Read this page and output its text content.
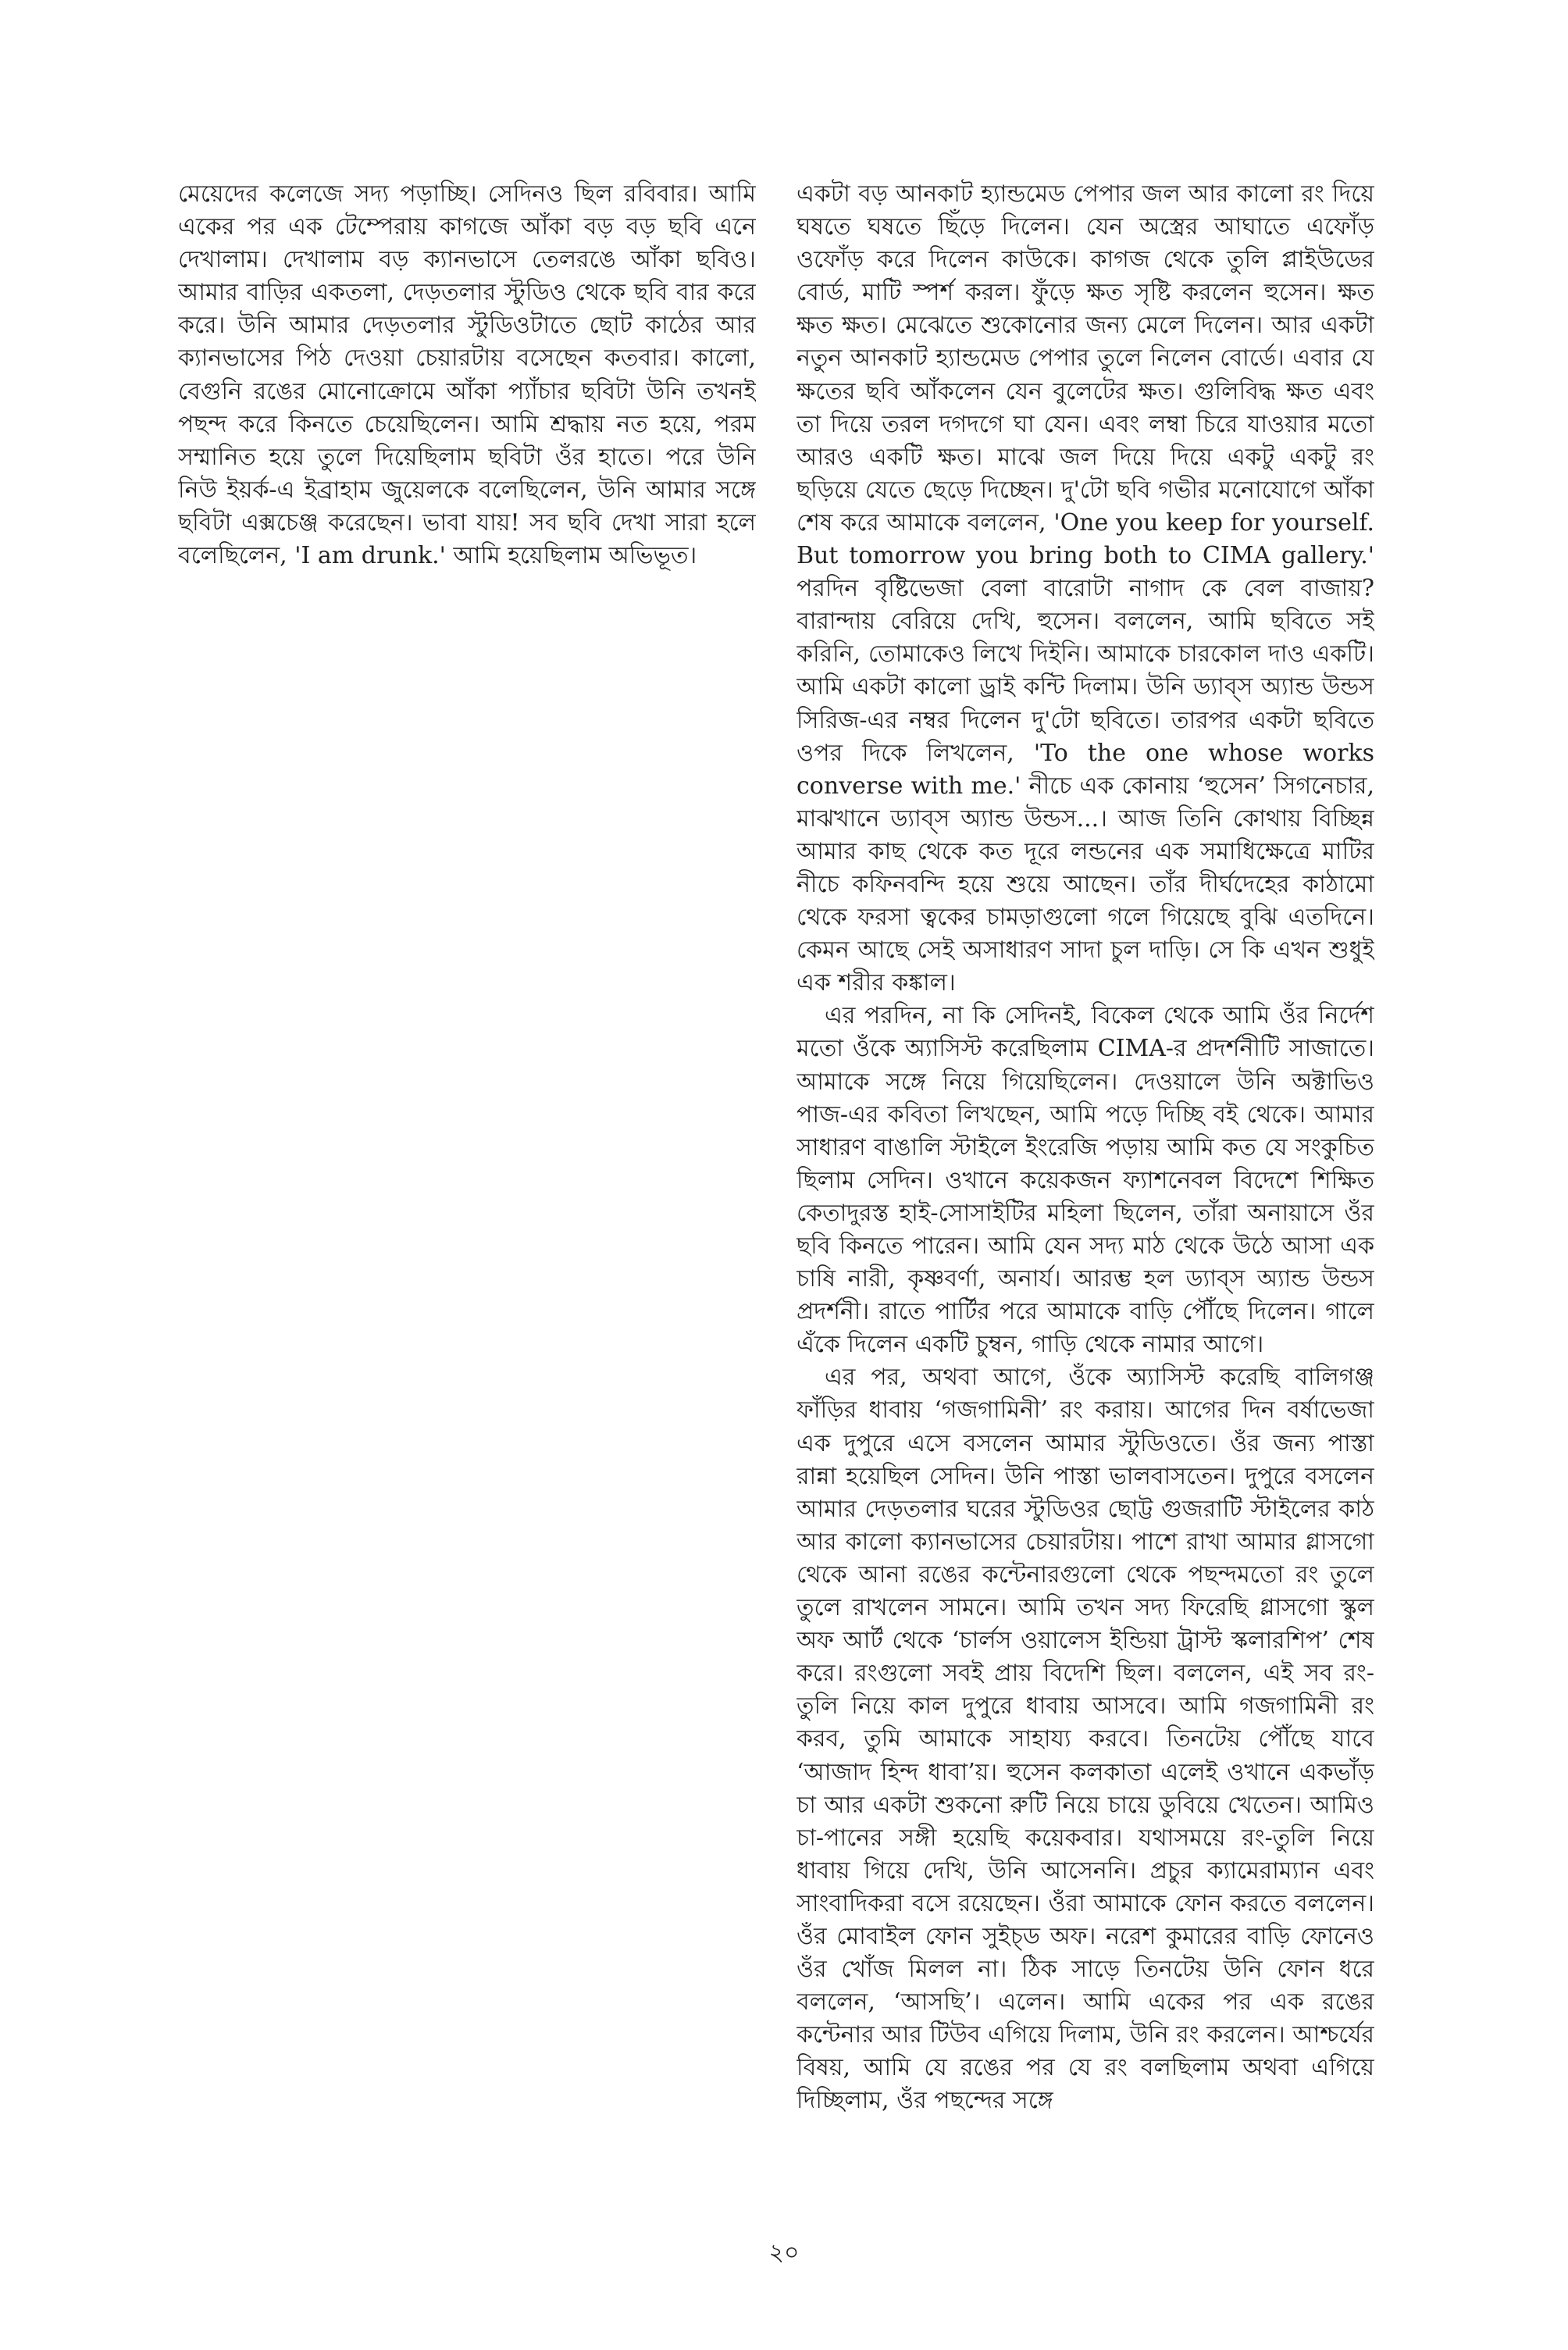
মেয়েদের কলেজে সদ্য পড়াচ্ছি। সেদিনও ছিল রবিবার। আমি একের পর এক টেম্পেরায় কাগজে আঁকা বড় বড় ছবি এনে দেখালাম। দেখালাম বড় ক্যানভাসে তেলরঙে আঁকা ছবিও। আমার বাড়ির একতলা, দেড়তলার স্টুডিও থেকে ছবি বার করে করে। উনি আমার দেড়তলার স্টুডিওটাতে ছোট কাঠের আর ক্যানভাসের পিঠ দেওয়া চেয়ারটায় বসেছেন কতবার। কালো, বেগুনি রঙের মোনোক্রোমে আঁকা প্যাঁচার ছবিটা উনি তখনই পছন্দ করে কিনতে চেয়েছিলেন। আমি শ্রদ্ধায় নত হয়ে, পরম সম্মানিত হয়ে তুলে দিয়েছিলাম ছবিটা ওঁর হাতে। পরে উনি নিউ ইয়র্ক-এ ইব্রাহাম জুয়েলকে বলেছিলেন, উনি আমার সঙ্গে ছবিটা এক্সচেঞ্জ করেছেন। ভাবা যায়! সব ছবি দেখা সারা হলে বলেছিলেন, 'I am drunk.' আমি হয়েছিলাম অভিভূত।

একটা বড় আনকাট হ্যান্ডমেড পেপার জল আর কালো রং দিয়ে ঘষতে ঘষতে ছিঁড়ে দিলেন। যেন অস্ত্রের আঘাতে এফোঁড় ওফোঁড় করে দিলেন কাউকে। কাগজ থেকে তুলি প্লাইউডের বোর্ড, মাটি স্পর্শ করল। ফুঁড়ে ক্ষত সৃষ্টি করলেন হুসেন। ক্ষত ক্ষত ক্ষত। মেঝেতে শুকোনোর জন্য মেলে দিলেন। আর একটা নতুন আনকাট হ্যান্ডমেড পেপার তুলে নিলেন বোর্ডে। এবার যে ক্ষতের ছবি আঁকলেন যেন বুলেটের ক্ষত। গুলিবিদ্ধ ক্ষত এবং তা দিয়ে তরল দগদগে ঘা যেন। এবং লম্বা চিরে যাওয়ার মতো আরও একটি ক্ষত। মাঝে জল দিয়ে দিয়ে একটু একটু রং ছড়িয়ে যেতে ছেড়ে দিচ্ছেন। দু'টো ছবি গভীর মনোযোগে আঁকা শেষ করে আমাকে বললেন, 'One you keep for yourself. But tomorrow you bring both to CIMA gallery.' পরদিন বৃষ্টিভেজা বেলা বারোটা নাগাদ কে বেল বাজায়? বারান্দায় বেরিয়ে দেখি, হুসেন। বললেন, আমি ছবিতে সই করিনি, তোমাকেও লিখে দিইনি। আমাকে চারকোল দাও একটি। আমি একটা কালো ড্রাই কন্টি দিলাম। উনি ড্যাব্স অ্যান্ড উন্ডস সিরিজ-এর নম্বর দিলেন দু'টো ছবিতে। তারপর একটা ছবিতে ওপর দিকে লিখলেন, 'To the one whose works converse with me.' নীচে এক কোনায় ‘হুসেন’ সিগনেচার, মাঝখানে ড্যাব্স অ্যান্ড উন্ডস...। আজ তিনি কোথায় বিচ্ছিন্ন আমার কাছ থেকে কত দূরে লন্ডনের এক সমাধিক্ষেত্রে মাটির নীচে কফিনবন্দি হয়ে শুয়ে আছেন। তাঁর দীর্ঘদেহের কাঠামো থেকে ফরসা ত্বকের চামড়াগুলো গলে গিয়েছে বুঝি এতদিনে। কেমন আছে সেই অসাধারণ সাদা চুল দাড়ি। সে কি এখন শুধুই এক শরীর কঙ্কাল।

এর পরদিন, না কি সেদিনই, বিকেল থেকে আমি ওঁর নির্দেশ মতো ওঁকে অ্যাসিস্ট করেছিলাম CIMA-র প্রদর্শনীটি সাজাতে। আমাকে সঙ্গে নিয়ে গিয়েছিলেন। দেওয়ালে উনি অক্টাভিও পাজ-এর কবিতা লিখছেন, আমি পড়ে দিচ্ছি বই থেকে। আমার সাধারণ বাঙালি স্টাইলে ইংরেজি পড়ায় আমি কত যে সংকুচিত ছিলাম সেদিন। ওখানে কয়েকজন ফ্যাশনেবল বিদেশে শিক্ষিত কেতাদুরস্ত হাই-সোসাইটির মহিলা ছিলেন, তাঁরা অনায়াসে ওঁর ছবি কিনতে পারেন। আমি যেন সদ্য মাঠ থেকে উঠে আসা এক চাষি নারী, কৃষ্ণবর্ণা, অনার্য। আরম্ভ হল ড্যাব্স অ্যান্ড উন্ডস প্রদর্শনী। রাতে পার্টির পরে আমাকে বাড়ি পৌঁছে দিলেন। গালে এঁকে দিলেন একটি চুম্বন, গাড়ি থেকে নামার আগে।

এর পর, অথবা আগে, ওঁকে অ্যাসিস্ট করেছি বালিগঞ্জ ফাঁড়ির ধাবায় ‘গজগামিনী’ রং করায়। আগের দিন বর্ষাভেজা এক দুপুরে এসে বসলেন আমার স্টুডিওতে। ওঁর জন্য পাস্তা রান্না হয়েছিল সেদিন। উনি পাস্তা ভালবাসতেন। দুপুরে বসলেন আমার দেড়তলার ঘরের স্টুডিওর ছোট্ট গুজরাটি স্টাইলের কাঠ আর কালো ক্যানভাসের চেয়ারটায়। পাশে রাখা আমার গ্লাসগো থেকে আনা রঙের কন্টেনারগুলো থেকে পছন্দমতো রং তুলে তুলে রাখলেন সামনে। আমি তখন সদ্য ফিরেছি গ্লাসগো স্কুল অফ আর্ট থেকে ‘চার্লস ওয়ালেস ইন্ডিয়া ট্রাস্ট স্কলারশিপ’ শেষ করে। রংগুলো সবই প্রায় বিদেশি ছিল। বললেন, এই সব রং-তুলি নিয়ে কাল দুপুরে ধাবায় আসবে। আমি গজগামিনী রং করব, তুমি আমাকে সাহায্য করবে। তিনটেয় পৌঁছে যাবে ‘আজাদ হিন্দ ধাবা’য়। হুসেন কলকাতা এলেই ওখানে একভাঁড় চা আর একটা শুকনো রুটি নিয়ে চায়ে ডুবিয়ে খেতেন। আমিও চা-পানের সঙ্গী হয়েছি কয়েকবার। যথাসময়ে রং-তুলি নিয়ে ধাবায় গিয়ে দেখি, উনি আসেননি। প্রচুর ক্যামেরাম্যান এবং সাংবাদিকরা বসে রয়েছেন। ওঁরা আমাকে ফোন করতে বললেন। ওঁর মোবাইল ফোন সুইচ্‌ড অফ। নরেশ কুমারের বাড়ি ফোনেও ওঁর খোঁজ মিলল না। ঠিক সাড়ে তিনটেয় উনি ফোন ধরে বললেন, ‘আসছি’। এলেন। আমি একের পর এক রঙের কন্টেনার আর টিউব এগিয়ে দিলাম, উনি রং করলেন। আশ্চর্যের বিষয়, আমি যে রঙের পর যে রং বলছিলাম অথবা এগিয়ে দিচ্ছিলাম, ওঁর পছন্দের সঙ্গে

২০
